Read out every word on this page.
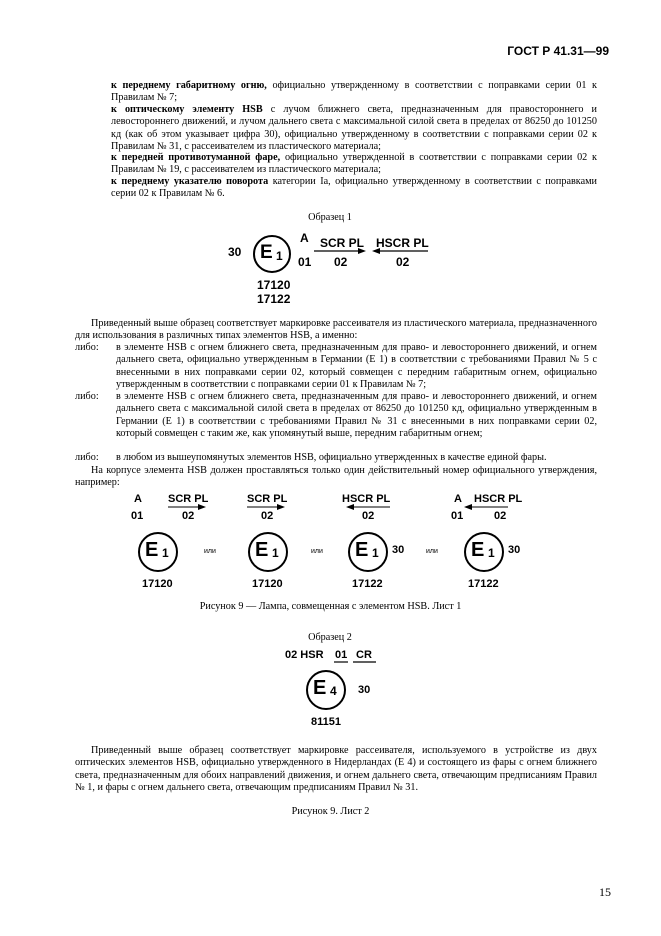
ГОСТ Р 41.31—99
к переднему габаритному огню, официально утвержденному в соответствии с поправками серии 01 к Правилам № 7;
к оптическому элементу HSB с лучом ближнего света, предназначенным для правостороннего и левостороннего движений, и лучом дальнего света с максимальной силой света в пределах от 86250 до 101250 кд (как об этом указывает цифра 30), официально утвержденному в соответствии с поправками серии 02 к Правилам № 31, с рассеивателем из пластического материала;
к передней противотуманной фаре, официально утвержденной в соответствии с поправками серии 02 к Правилам № 19, с рассеивателем из пластического материала;
к переднему указателю поворота категории Ia, официально утвержденному в соответствии с поправками серии 02 к Правилам № 6.
Образец 1
30 E 1
A
01
SCR PL
02
HSCR PL
02
17120
17122
Приведенный выше образец соответствует маркировке рассеивателя из пластического материала, предназначенного для использования в различных типах элементов HSB, а именно:
либо: в элементе HSB с огнем ближнего света, предназначенным для право- и левостороннего движений, и огнем дальнего света, официально утвержденным в Германии (E 1) в соответствии с требованиями Правил № 5 с внесенными в них поправками серии 02, который совмещен с передним габаритным огнем, официально утвержденным в соответствии с поправками серии 01 к Правилам № 7;
либо: в элементе HSB с огнем ближнего света, предназначенным для право- и левостороннего движений, и огнем дальнего света с максимальной силой света в пределах от 86250 до 101250 кд, официально утвержденным в Германии (E 1) в соответствии с требованиями Правил № 31 с внесенными в них поправками серии 02, который совмещен с таким же, как упомянутый выше, передним габаритным огнем;
либо: в любом из вышеупомянутых элементов HSB, официально утвержденных в качестве единой фары.
На корпусе элемента HSB должен проставляться только один действительный номер официального утверждения, например:
A
01
SCR PL
02
E 1
17120
или
SCR PL
02
E 1
17120
или
HSCR PL
02
E 1 30
17122
или
A
01
HSCR PL
02
E 1 30
17122
Рисунок 9 — Лампа, совмещенная с элементом HSB. Лист 1
Образец 2
02 HSR 01 CR
E 4 30
81151
Приведенный выше образец соответствует маркировке рассеивателя, используемого в устройстве из двух оптических элементов HSB, официально утвержденного в Нидерландах (E 4) и состоящего из фары с огнем ближнего света, предназначенным для обоих направлений движения, и огнем дальнего света, отвечающим предписаниям Правил № 1, и фары с огнем дальнего света, отвечающим предписаниям Правил № 31.
Рисунок 9. Лист 2
15
